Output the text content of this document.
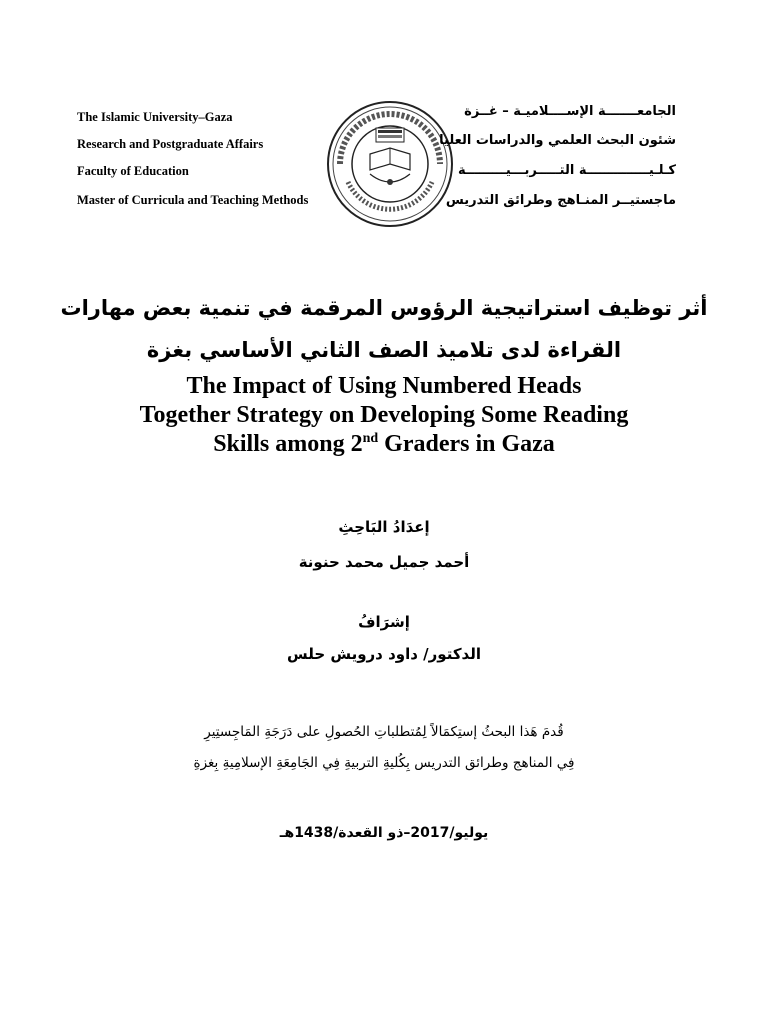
The Islamic University–Gaza
Research and Postgraduate Affairs
Faculty of Education
Master of Curricula and Teaching Methods
الجامعـــــــة الإســــلاميـة – غــزة
شئون البحث العلمي والدراسات العليا
كـلـيــــــــــــــة التـــــربـــيـــــــــة
ماجستيــر المنـاهج وطرائق التدريس
أثر توظيف استراتيجية الرؤوس المرقمة في تنمية بعض مهارات
القراءة لدى تلاميذ الصف الثاني الأساسي بغزة
The Impact of Using Numbered Heads
Together Strategy on Developing Some Reading
Skills among 2nd Graders in Gaza
إعدَادُ البَاحِثِ
أحمد جميل محمد حنونة
إشرَافُ
الدكتور/ داود درويش حلس
قُدمَ هَذا البحثُ إستِكمَالاً لِمُتطلباتِ الحُصولِ على دَرَجَةِ المَاجِستِيرِ
فِي المناهج وطرائق التدريس بِكُليةِ التربيةِ فِي الجَامِعَةِ الإسلامِيةِ بِغزةِ
يوليو/2017–ذو القعدة/1438هـ
